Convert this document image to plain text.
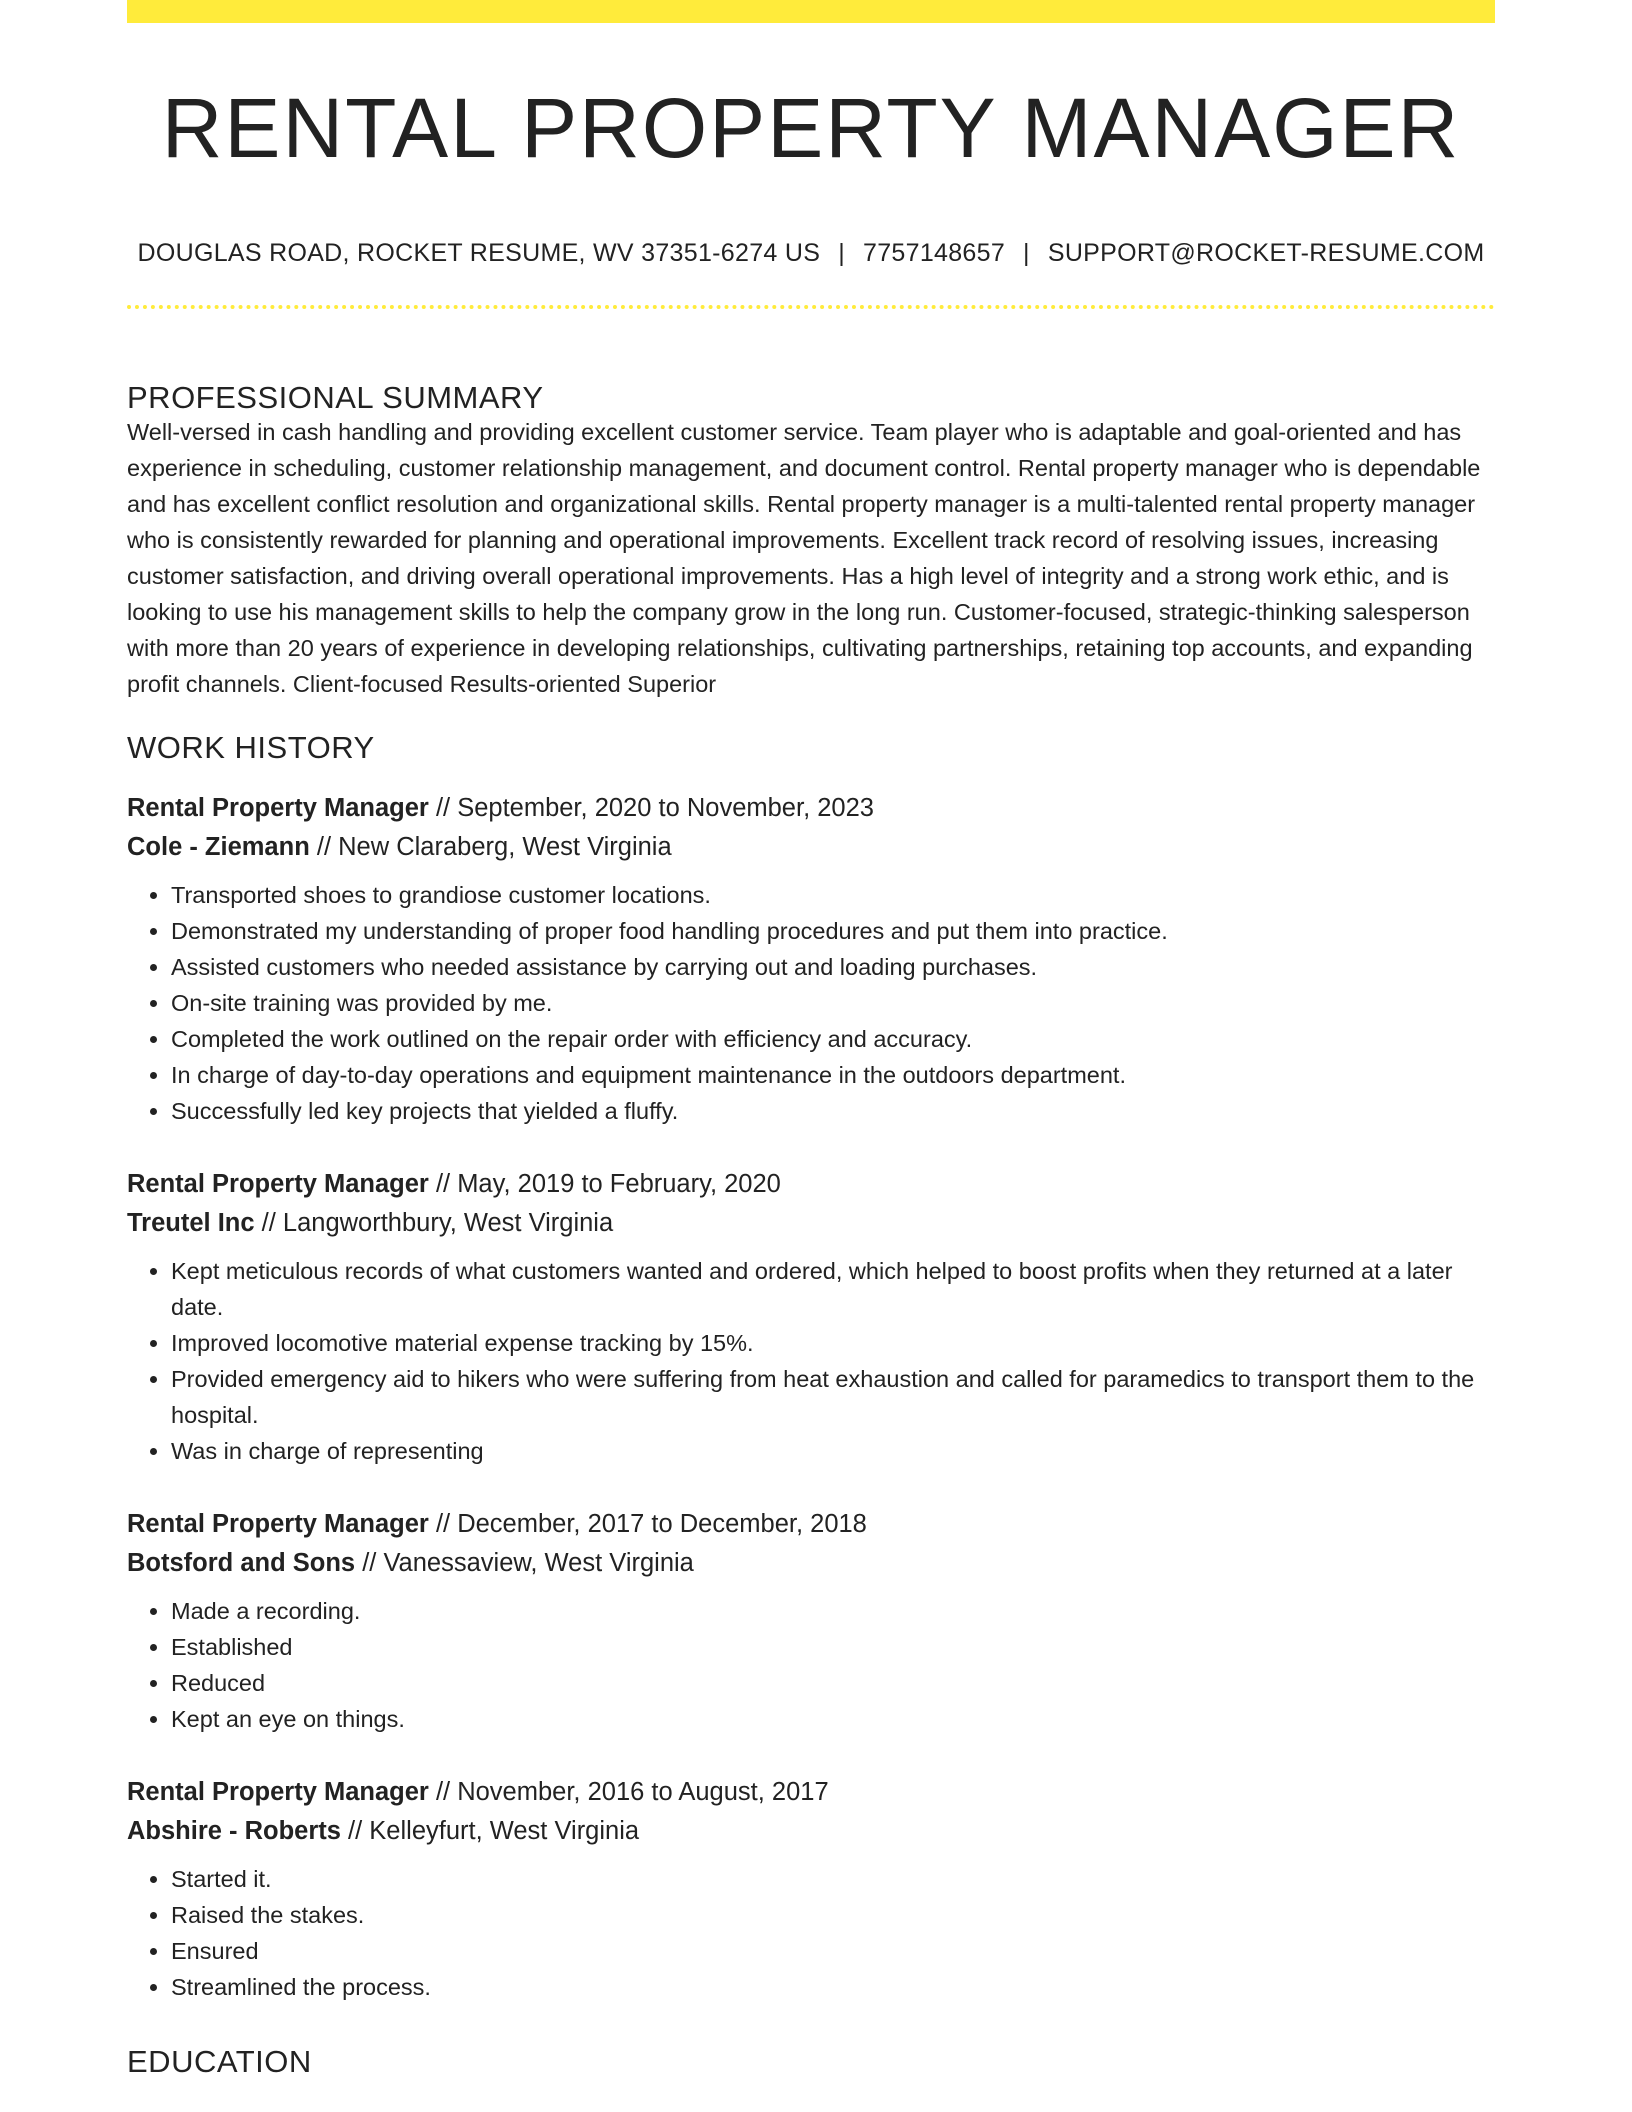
RENTAL PROPERTY MANAGER
DOUGLAS ROAD, ROCKET RESUME, WV 37351-6274 US | 7757148657 | SUPPORT@ROCKET-RESUME.COM
PROFESSIONAL SUMMARY

Well-versed in cash handling and providing excellent customer service. Team player who is adaptable and goal-oriented and has experience in scheduling, customer relationship management, and document control. Rental property manager who is dependable and has excellent conflict resolution and organizational skills. Rental property manager is a multi-talented rental property manager who is consistently rewarded for planning and operational improvements. Excellent track record of resolving issues, increasing customer satisfaction, and driving overall operational improvements. Has a high level of integrity and a strong work ethic, and is looking to use his management skills to help the company grow in the long run. Customer-focused, strategic-thinking salesperson with more than 20 years of experience in developing relationships, cultivating partnerships, retaining top accounts, and expanding profit channels. Client-focused Results-oriented Superior

WORK HISTORY
Rental Property Manager // September, 2020 to November, 2023
Cole - Ziemann // New Claraberg, West Virginia
• Transported shoes to grandiose customer locations.
• Demonstrated my understanding of proper food handling procedures and put them into practice.
• Assisted customers who needed assistance by carrying out and loading purchases.
• On-site training was provided by me.
• Completed the work outlined on the repair order with efficiency and accuracy.
• In charge of day-to-day operations and equipment maintenance in the outdoors department.
• Successfully led key projects that yielded a fluffy.
Rental Property Manager // May, 2019 to February, 2020
Treutel Inc // Langworthbury, West Virginia
• Kept meticulous records of what customers wanted and ordered, which helped to boost profits when they returned at a later date.
• Improved locomotive material expense tracking by 15%.
• Provided emergency aid to hikers who were suffering from heat exhaustion and called for paramedics to transport them to the hospital.
• Was in charge of representing
Rental Property Manager // December, 2017 to December, 2018
Botsford and Sons // Vanessaview, West Virginia
• Made a recording.
• Established
• Reduced
• Kept an eye on things.
Rental Property Manager // November, 2016 to August, 2017
Abshire - Roberts // Kelleyfurt, West Virginia
• Started it.
• Raised the stakes.
• Ensured
• Streamlined the process.
EDUCATION
